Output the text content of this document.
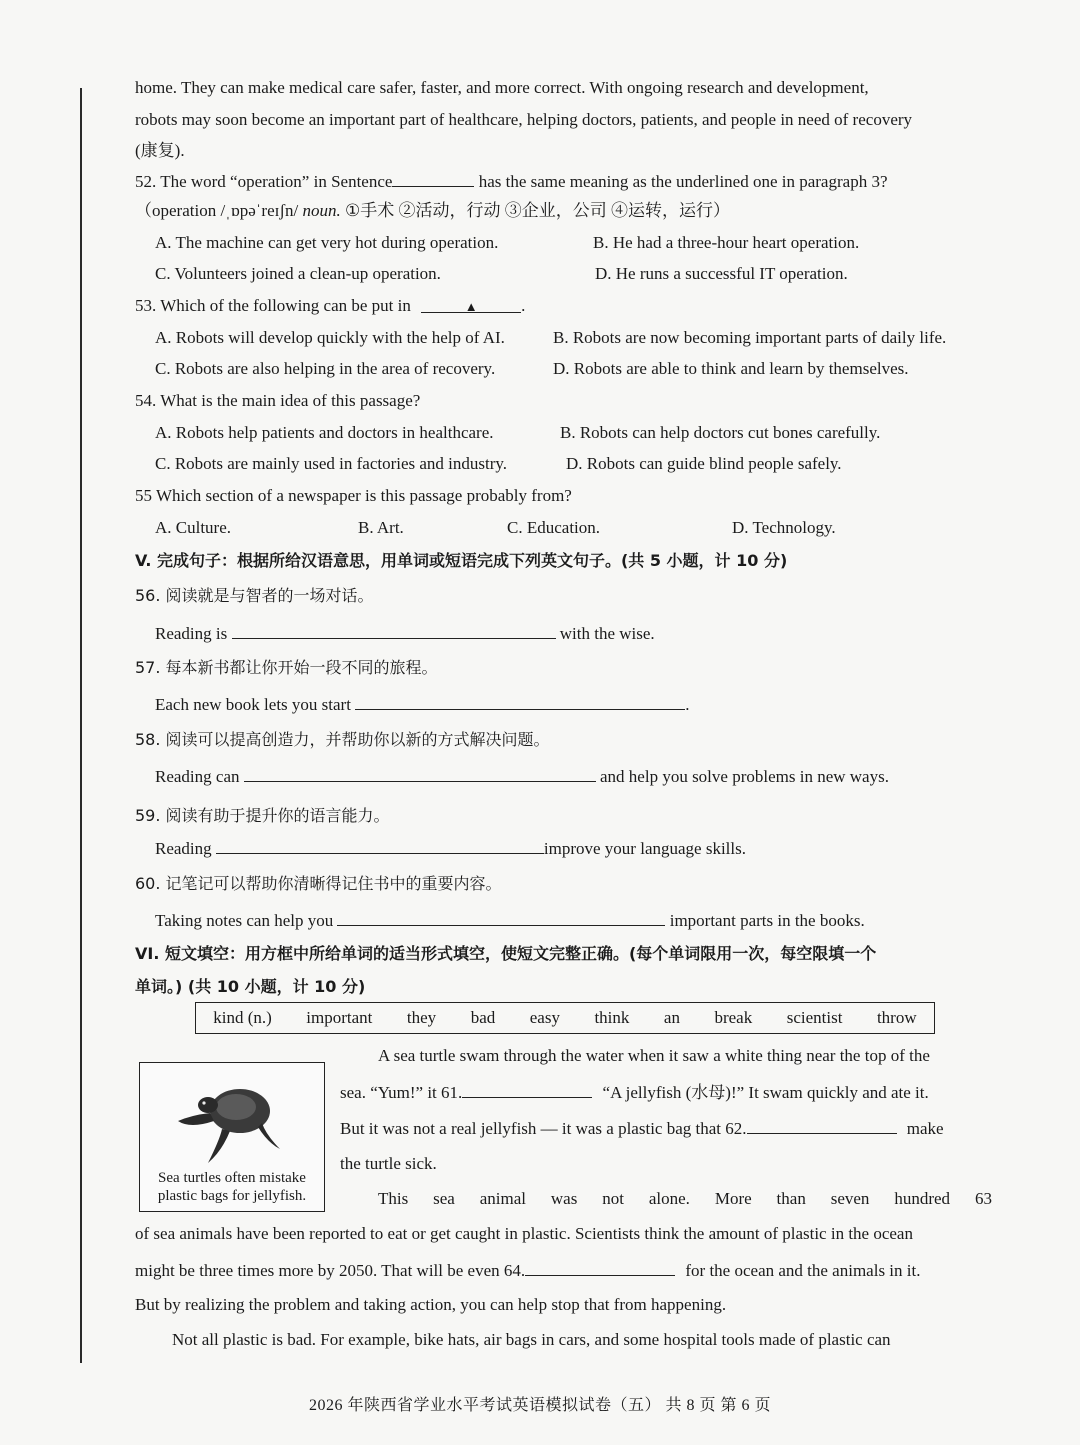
home. They can make medical care safer, faster, and more correct. With ongoing research and development,
robots may soon become an important part of healthcare, helping doctors, patients, and people in need of recovery
(康复).
52. The word “operation” in Sentence	has the same meaning as the underlined one in paragraph 3?
（operation /ˌɒpəˈreɪʃn/ noun. ①手术 ②活动，行动 ③企业，公司 ④运转，运行）
A. The machine can get very hot during operation.	B. He had a three-hour heart operation.
C. Volunteers joined a clean-up operation.	D. He runs a successful IT operation.
53. Which of the following can be put in	▲	.
A. Robots will develop quickly with the help of AI.	B. Robots are now becoming important parts of daily life.
C. Robots are also helping in the area of recovery.	D. Robots are able to think and learn by themselves.
54. What is the main idea of this passage?
A. Robots help patients and doctors in healthcare.	B. Robots can help doctors cut bones carefully.
C. Robots are mainly used in factories and industry.	D. Robots can guide blind people safely.
55 Which section of a newspaper is this passage probably from?
A. Culture.	B. Art.	C. Education.	D. Technology.
V. 完成句子：根据所给汉语意思，用单词或短语完成下列英文句子。(共 5 小题，计 10 分)
56. 阅读就是与智者的一场对话。
Reading is	with the wise.
57. 每本新书都让你开始一段不同的旅程。
Each new book lets you start	.
58. 阅读可以提高创造力，并帮助你以新的方式解决问题。
Reading can	and help you solve problems in new ways.
59. 阅读有助于提升你的语言能力。
Reading	improve your language skills.
60. 记笔记可以帮助你清晰得记住书中的重要内容。
Taking notes can help you	important parts in the books.
VI. 短文填空：用方框中所给单词的适当形式填空，使短文完整正确。(每个单词限用一次，每空限填一个
单词。) (共 10 小题，计 10 分)
kind (n.) important they bad easy think an break scientist throw
Sea turtles often mistake
plastic bags for jellyfish.
A sea turtle swam through the water when it saw a white thing near the top of the
sea. “Yum!” it 61.	“A jellyfish (水母)!” It swam quickly and ate it.
But it was not a real jellyfish — it was a plastic bag that 62.	make
the turtle sick.
This sea animal was not alone. More than seven hundred 63
of sea animals have been reported to eat or get caught in plastic. Scientists think the amount of plastic in the ocean
might be three times more by 2050. That will be even 64.	for the ocean and the animals in it.
But by realizing the problem and taking action, you can help stop that from happening.
Not all plastic is bad. For example, bike hats, air bags in cars, and some hospital tools made of plastic can
2026 年陕西省学业水平考试英语模拟试卷（五） 共 8 页 第 6 页
